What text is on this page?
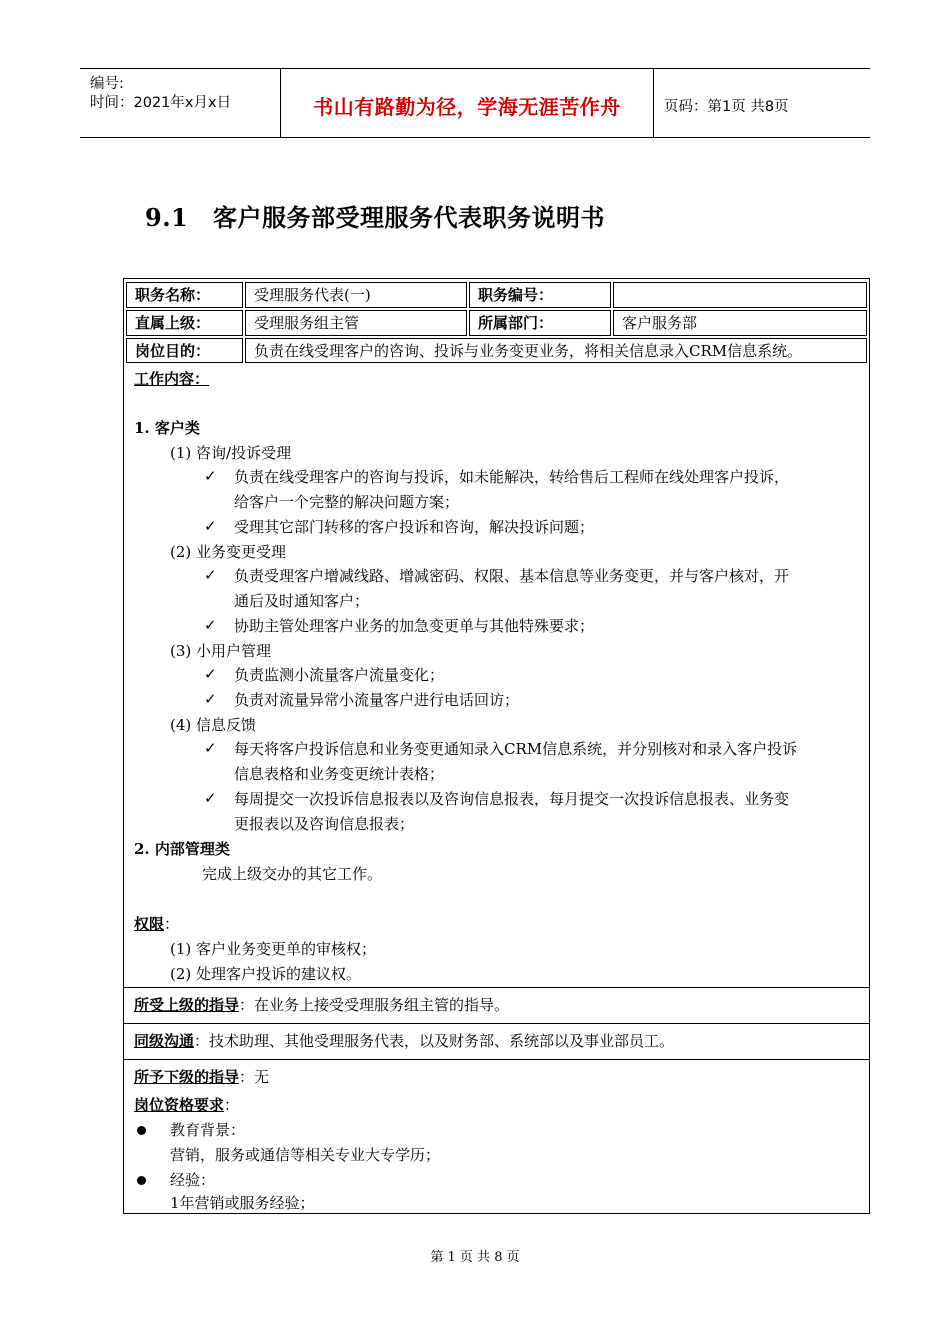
编号:
时间：2021年x月x日	书山有路勤为径，学海无涯苦作舟	页码：第1页 共8页
9.1 客户服务部受理服务代表职务说明书
职务名称：	受理服务代表(一)	职务编号：
直属上级：	受理服务组主管	所属部门：	客户服务部
岗位目的：	负责在线受理客户的咨询、投诉与业务变更业务，将相关信息录入CRM信息系统。
工作内容：
1. 客户类
(1) 咨询/投诉受理
✓ 负责在线受理客户的咨询与投诉，如未能解决，转给售后工程师在线处理客户投诉，
给客户一个完整的解决问题方案；
✓ 受理其它部门转移的客户投诉和咨询，解决投诉问题；
(2) 业务变更受理
✓ 负责受理客户增减线路、增减密码、权限、基本信息等业务变更，并与客户核对，开
通后及时通知客户；
✓ 协助主管处理客户业务的加急变更单与其他特殊要求；
(3) 小用户管理
✓ 负责监测小流量客户流量变化；
✓ 负责对流量异常小流量客户进行电话回访；
(4) 信息反馈
✓ 每天将客户投诉信息和业务变更通知录入CRM信息系统，并分别核对和录入客户投诉
信息表格和业务变更统计表格；
✓ 每周提交一次投诉信息报表以及咨询信息报表，每月提交一次投诉信息报表、业务变
更报表以及咨询信息报表；
2. 内部管理类
完成上级交办的其它工作。
权限：
(1) 客户业务变更单的审核权；
(2) 处理客户投诉的建议权。
所受上级的指导：在业务上接受受理服务组主管的指导。
同级沟通：技术助理、其他受理服务代表，以及财务部、系统部以及事业部员工。
所予下级的指导：无
岗位资格要求：
教育背景：
营销，服务或通信等相关专业大专学历；
经验：
1年营销或服务经验；
第 1 页 共 8 页
